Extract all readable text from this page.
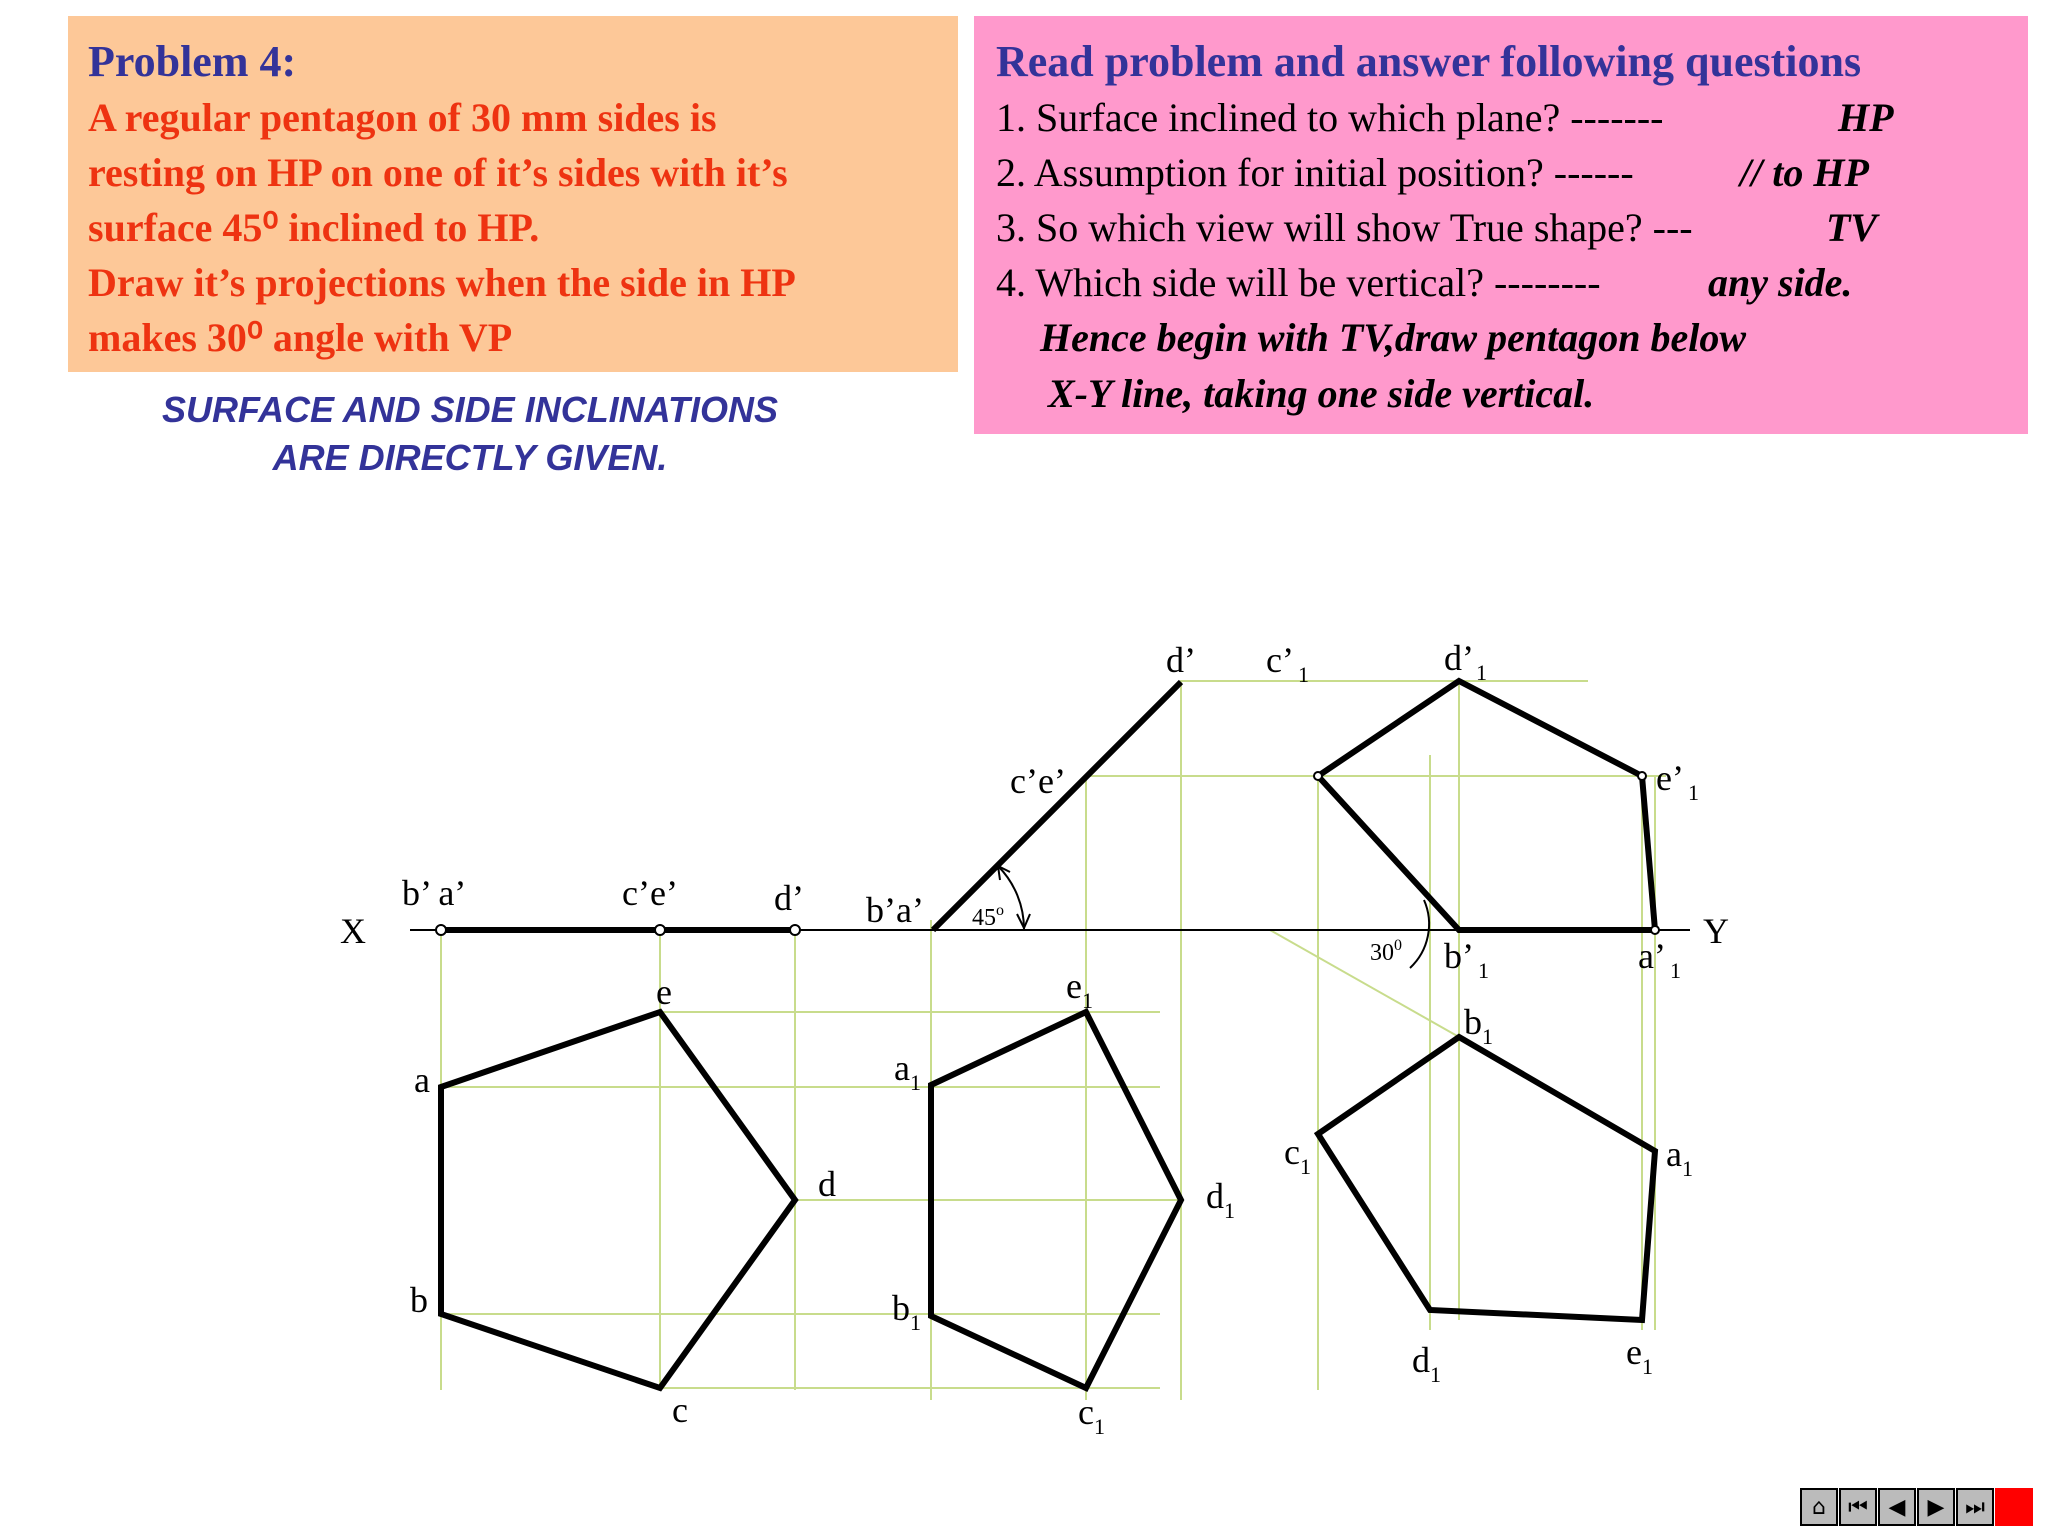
Problem 4:
A regular pentagon of 30 mm sides is
resting on HP on one of it’s sides with it’s
surface 45⁰ inclined to HP.
Draw it’s projections when the side in HP
makes 30⁰ angle with VP
Read problem and answer following questions
1. Surface inclined to which plane? -------	HP
2. Assumption for initial position? ------	// to HP
3. So which view will show True shape? ---	TV
4. Which side will be vertical? --------	any side.
Hence begin with TV,draw pentagon below
X-Y line, taking one side vertical.
SURFACE AND SIDE INCLINATIONS
ARE DIRECTLY GIVEN.
X	Y
b’ a’	c’e’	d’ b’a’
c’e’
d’
45$^o$
$30^0$
c’ $_1$	$d’_1$
e’ $_1$
b’ $_1$	a’ $_1$
a
b
c
d
e
$a_1$
$b_1$
$c_1$
$d_1$
$e_1$
$a_1$
$b_1$
$c_1$
$d_1$
$e_1$
⌂	⏮ ◀	▶ ⏭
